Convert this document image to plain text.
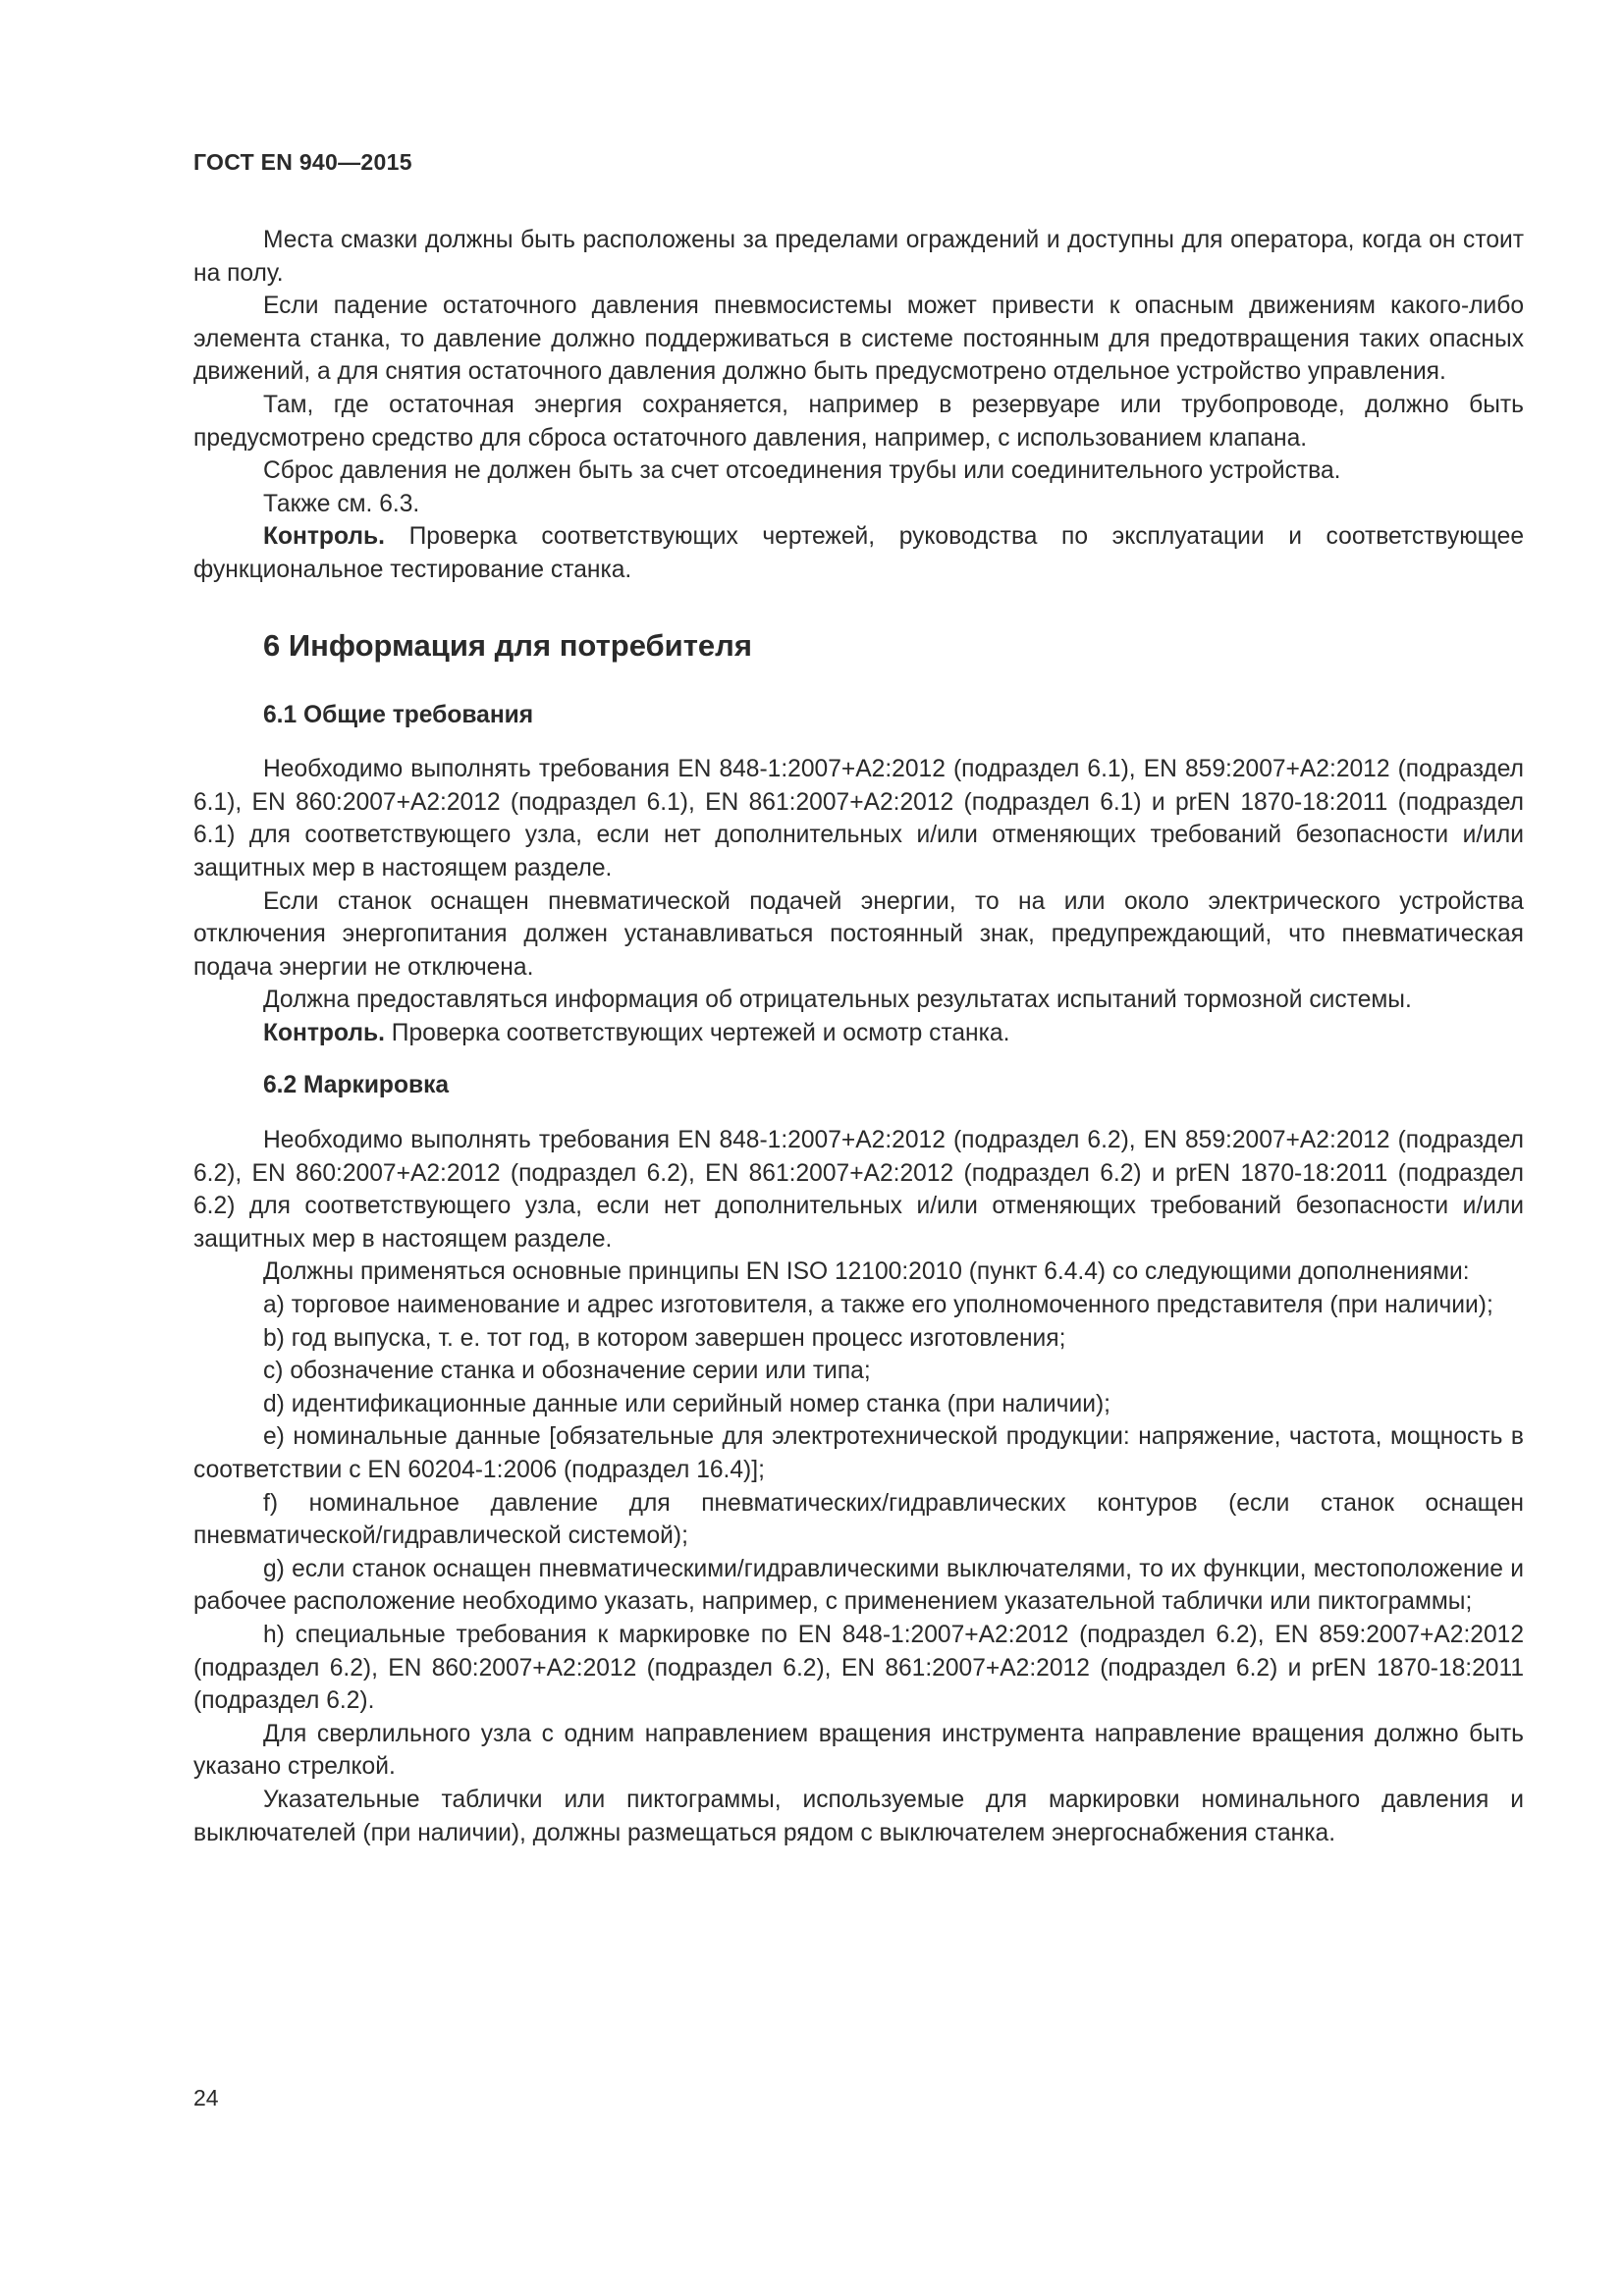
ГОСТ EN 940—2015

Места смазки должны быть расположены за пределами ограждений и доступны для оператора, когда он стоит на полу.

Если падение остаточного давления пневмосистемы может привести к опасным движениям какого-либо элемента станка, то давление должно поддерживаться в системе постоянным для предотвращения таких опасных движений, а для снятия остаточного давления должно быть предусмотрено отдельное устройство управления.

Там, где остаточная энергия сохраняется, например в резервуаре или трубопроводе, должно быть предусмотрено средство для сброса остаточного давления, например, с использованием клапана.

Сброс давления не должен быть за счет отсоединения трубы или соединительного устройства.

Также см. 6.3.

Контроль. Проверка соответствующих чертежей, руководства по эксплуатации и соответствующее функциональное тестирование станка.

6 Информация для потребителя
6.1 Общие требования

Необходимо выполнять требования EN 848-1:2007+A2:2012 (подраздел 6.1), EN 859:2007+A2:2012 (подраздел 6.1), EN 860:2007+A2:2012 (подраздел 6.1), EN 861:2007+A2:2012 (подраздел 6.1) и prEN 1870-18:2011 (подраздел 6.1) для соответствующего узла, если нет дополнительных и/или отменяющих требований безопасности и/или защитных мер в настоящем разделе.

Если станок оснащен пневматической подачей энергии, то на или около электрического устройства отключения энергопитания должен устанавливаться постоянный знак, предупреждающий, что пневматическая подача энергии не отключена.

Должна предоставляться информация об отрицательных результатах испытаний тормозной системы.

Контроль. Проверка соответствующих чертежей и осмотр станка.

6.2 Маркировка

Необходимо выполнять требования EN 848-1:2007+A2:2012 (подраздел 6.2), EN 859:2007+A2:2012 (подраздел 6.2), EN 860:2007+A2:2012 (подраздел 6.2), EN 861:2007+A2:2012 (подраздел 6.2) и prEN 1870-18:2011 (подраздел 6.2) для соответствующего узла, если нет дополнительных и/или отменяющих требований безопасности и/или защитных мер в настоящем разделе.

Должны применяться основные принципы EN ISO 12100:2010 (пункт 6.4.4) со следующими дополнениями:

a) торговое наименование и адрес изготовителя, а также его уполномоченного представителя (при наличии);

b) год выпуска, т. е. тот год, в котором завершен процесс изготовления;

c) обозначение станка и обозначение серии или типа;

d) идентификационные данные или серийный номер станка (при наличии);

e) номинальные данные [обязательные для электротехнической продукции: напряжение, частота, мощность в соответствии с EN 60204-1:2006 (подраздел 16.4)];

f) номинальное давление для пневматических/гидравлических контуров (если станок оснащен пневматической/гидравлической системой);

g) если станок оснащен пневматическими/гидравлическими выключателями, то их функции, местоположение и рабочее расположение необходимо указать, например, с применением указательной таблички или пиктограммы;

h) специальные требования к маркировке по EN 848-1:2007+A2:2012 (подраздел 6.2), EN 859:2007+A2:2012 (подраздел 6.2), EN 860:2007+A2:2012 (подраздел 6.2), EN 861:2007+A2:2012 (подраздел 6.2) и prEN 1870-18:2011 (подраздел 6.2).

Для сверлильного узла с одним направлением вращения инструмента направление вращения должно быть указано стрелкой.

Указательные таблички или пиктограммы, используемые для маркировки номинального давления и выключателей (при наличии), должны размещаться рядом с выключателем энергоснабжения станка.

24
